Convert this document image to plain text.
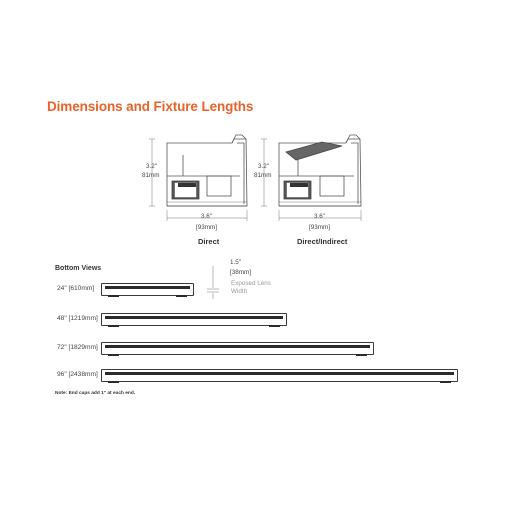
Dimensions and Fixture Lengths
3.2"
81mm
3.6"
[93mm]
Direct
3.2"
81mm
3.6"
[93mm]
Direct/Indirect
Bottom Views
1.5"
[38mm]
Exposed Lens
Width
24" [610mm]
48" [1219mm]
72" [1829mm]
96" [2438mm]
Note: End caps add 1" at each end.
